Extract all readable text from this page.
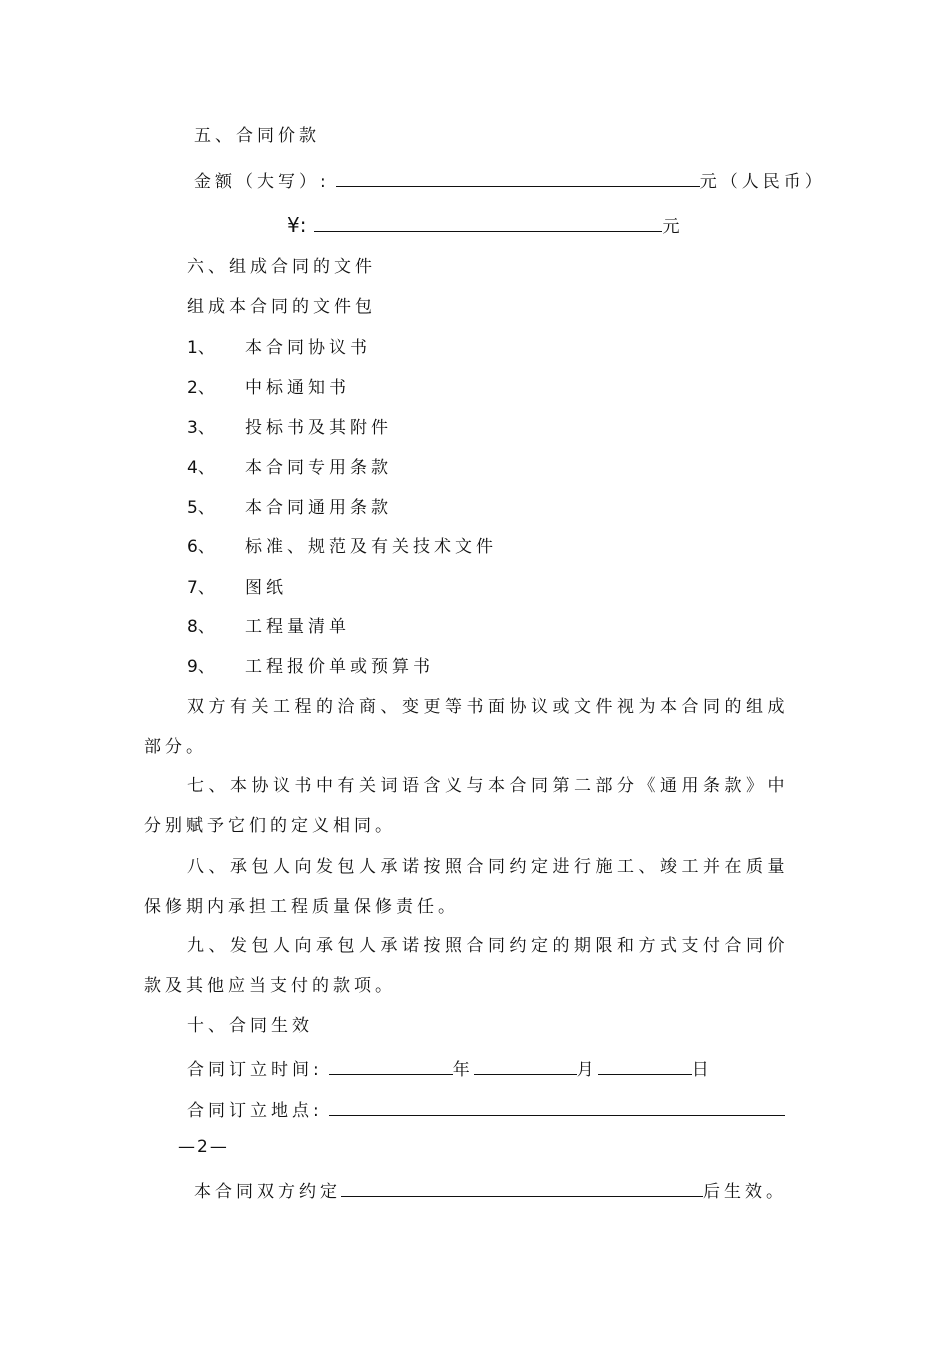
五、合同价款
金额（大写）:	元（人民币）
¥:	元
六、组成合同的文件
组成本合同的文件包
1、 本合同协议书
2、 中标通知书
3、 投标书及其附件
4、 本合同专用条款
5、 本合同通用条款
6、 标准、规范及有关技术文件
7、 图纸
8、 工程量清单
9、 工程报价单或预算书
双方有关工程的洽商、变更等书面协议或文件视为本合同的组成
部分。
七、本协议书中有关词语含义与本合同第二部分《通用条款》中
分别赋予它们的定义相同。
八、承包人向发包人承诺按照合同约定进行施工、竣工并在质量
保修期内承担工程质量保修责任。
九、发包人向承包人承诺按照合同约定的期限和方式支付合同价
款及其他应当支付的款项。
十、合同生效
合同订立时间:	年	月	日
合同订立地点:
—2—
本合同双方约定	后生效。
